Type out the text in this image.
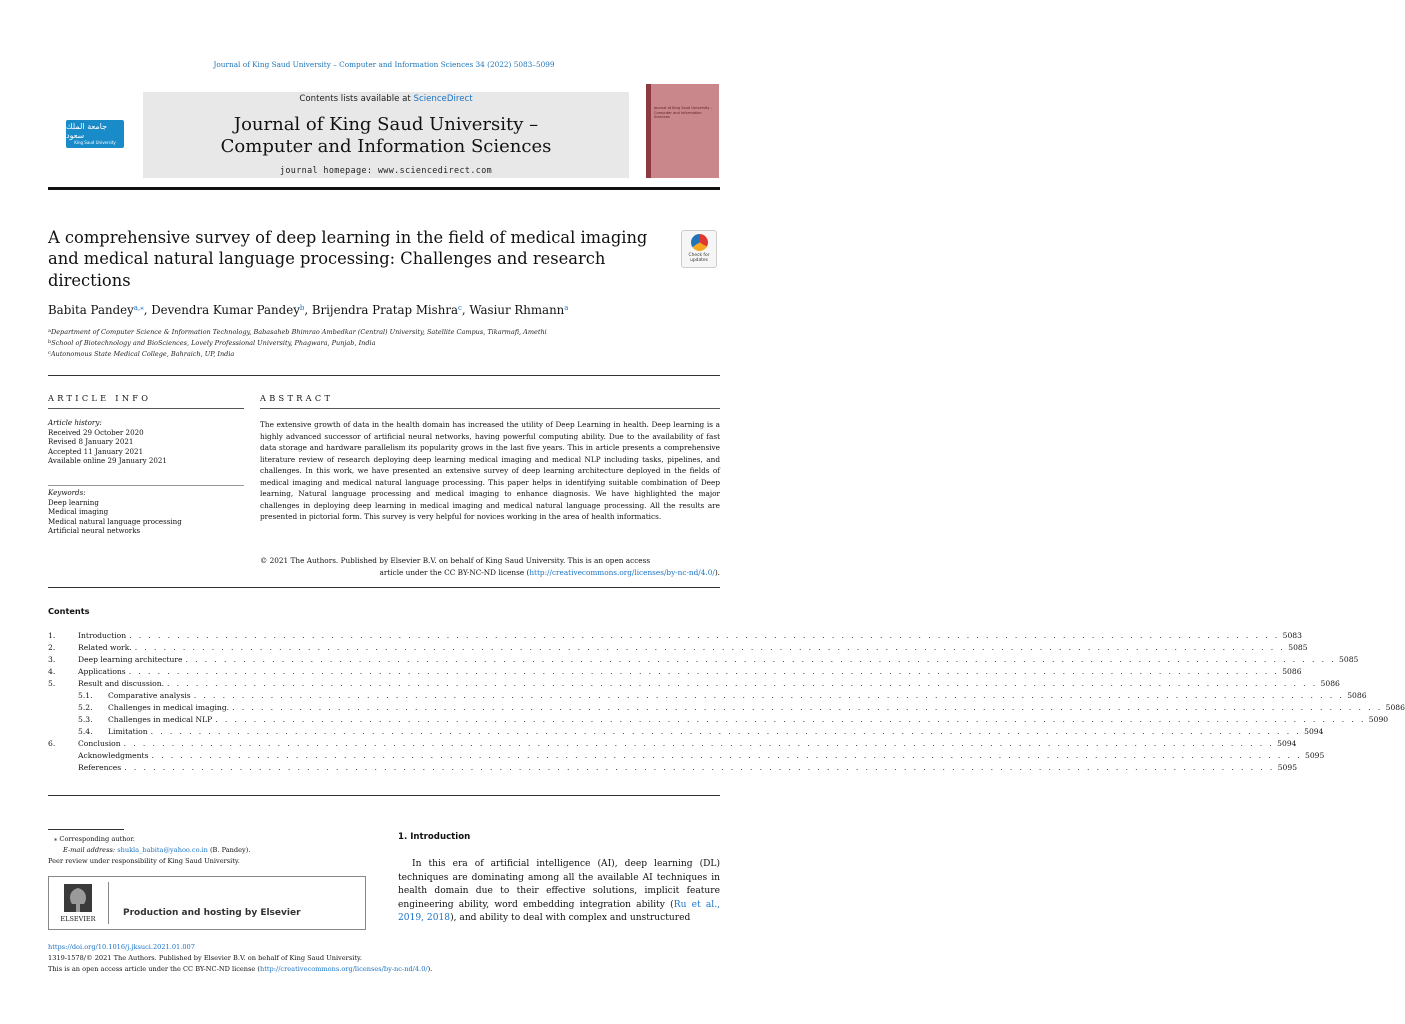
Journal of King Saud University – Computer and Information Sciences 34 (2022) 5083–5099
جامعة الملك سعود
King Saud University
Contents lists available at ScienceDirect
Journal of King Saud University –
Computer and Information Sciences
journal homepage: www.sciencedirect.com
Journal of King Saud University – Computer and Information Sciences
A comprehensive survey of deep learning in the field of medical imaging and medical natural language processing: Challenges and research directions
Check for updates
Babita Pandey$^{a,⁎}$, Devendra Kumar Pandey$^b$, Brijendra Pratap Mishra$^c$, Wasiur Rhmann$^a$
$^a$Department of Computer Science & Information Technology, Babasaheb Bhimrao Ambedkar (Central) University, Satellite Campus, Tikarmafi, Amethi
$^b$School of Biotechnology and BioSciences, Lovely Professional University, Phagwara, Punjab, India
$^c$Autonomous State Medical College, Bahraich, UP, India
ARTICLE INFO
Article history:
Received 29 October 2020
Revised 8 January 2021
Accepted 11 January 2021
Available online 29 January 2021
Keywords:
Deep learning
Medical imaging
Medical natural language processing
Artificial neural networks
ABSTRACT
The extensive growth of data in the health domain has increased the utility of Deep Learning in health. Deep learning is a highly advanced successor of artificial neural networks, having powerful computing ability. Due to the availability of fast data storage and hardware parallelism its popularity grows in the last five years. This in article presents a comprehensive literature review of research deploying deep learning medical imaging and medical NLP including tasks, pipelines, and challenges. In this work, we have presented an extensive survey of deep learning architecture deployed in the fields of medical imaging and medical natural language processing. This paper helps in identifying suitable combination of Deep learning, Natural language processing and medical imaging to enhance diagnosis. We have highlighted the major challenges in deploying deep learning in medical imaging and medical natural language processing. All the results are presented in pictorial form. This survey is very helpful for novices working in the area of health informatics.
© 2021 The Authors. Published by Elsevier B.V. on behalf of King Saud University. This is an open access
article under the CC BY-NC-ND license (http://creativecommons.org/licenses/by-nc-nd/4.0/).
Contents
1.	Introduction . . . . . . . . . . . . . . . . . . . . . . . . . . . . . . . . . . . . . . . . . . . . . . . . . . . . . . . . . . . . . . . . . . . . . . . . . . . . . . . . . . . . . . . . . . . . . . . . . . . . . . . . . . . . . . . . . . . . . . . . 5083
2.	Related work. . . . . . . . . . . . . . . . . . . . . . . . . . . . . . . . . . . . . . . . . . . . . . . . . . . . . . . . . . . . . . . . . . . . . . . . . . . . . . . . . . . . . . . . . . . . . . . . . . . . . . . . . . . . . . . . . . . . . . . . . 5085
3.	Deep learning architecture . . . . . . . . . . . . . . . . . . . . . . . . . . . . . . . . . . . . . . . . . . . . . . . . . . . . . . . . . . . . . . . . . . . . . . . . . . . . . . . . . . . . . . . . . . . . . . . . . . . . . . . . . . . . . . . . . . . . . . . . 5085
4.	Applications . . . . . . . . . . . . . . . . . . . . . . . . . . . . . . . . . . . . . . . . . . . . . . . . . . . . . . . . . . . . . . . . . . . . . . . . . . . . . . . . . . . . . . . . . . . . . . . . . . . . . . . . . . . . . . . . . . . . . . . . 5086
5.	Result and discussion. . . . . . . . . . . . . . . . . . . . . . . . . . . . . . . . . . . . . . . . . . . . . . . . . . . . . . . . . . . . . . . . . . . . . . . . . . . . . . . . . . . . . . . . . . . . . . . . . . . . . . . . . . . . . . . . . . . . . . . . . 5086
5.1.	Comparative analysis . . . . . . . . . . . . . . . . . . . . . . . . . . . . . . . . . . . . . . . . . . . . . . . . . . . . . . . . . . . . . . . . . . . . . . . . . . . . . . . . . . . . . . . . . . . . . . . . . . . . . . . . . . . . . . . . . . . . . . . . 5086
5.2.	Challenges in medical imaging. . . . . . . . . . . . . . . . . . . . . . . . . . . . . . . . . . . . . . . . . . . . . . . . . . . . . . . . . . . . . . . . . . . . . . . . . . . . . . . . . . . . . . . . . . . . . . . . . . . . . . . . . . . . . . . . . . . . . . . . . 5086
5.3.	Challenges in medical NLP . . . . . . . . . . . . . . . . . . . . . . . . . . . . . . . . . . . . . . . . . . . . . . . . . . . . . . . . . . . . . . . . . . . . . . . . . . . . . . . . . . . . . . . . . . . . . . . . . . . . . . . . . . . . . . . . . . . . . . . . 5090
5.4.	Limitation . . . . . . . . . . . . . . . . . . . . . . . . . . . . . . . . . . . . . . . . . . . . . . . . . . . . . . . . . . . . . . . . . . . . . . . . . . . . . . . . . . . . . . . . . . . . . . . . . . . . . . . . . . . . . . . . . . . . . . . . 5094
6.	Conclusion . . . . . . . . . . . . . . . . . . . . . . . . . . . . . . . . . . . . . . . . . . . . . . . . . . . . . . . . . . . . . . . . . . . . . . . . . . . . . . . . . . . . . . . . . . . . . . . . . . . . . . . . . . . . . . . . . . . . . . . . 5094
Acknowledgments . . . . . . . . . . . . . . . . . . . . . . . . . . . . . . . . . . . . . . . . . . . . . . . . . . . . . . . . . . . . . . . . . . . . . . . . . . . . . . . . . . . . . . . . . . . . . . . . . . . . . . . . . . . . . . . . . . . . . . . . 5095
References . . . . . . . . . . . . . . . . . . . . . . . . . . . . . . . . . . . . . . . . . . . . . . . . . . . . . . . . . . . . . . . . . . . . . . . . . . . . . . . . . . . . . . . . . . . . . . . . . . . . . . . . . . . . . . . . . . . . . . . . 5095
⁎ Corresponding author.
E-mail address: shukla_babita@yahoo.co.in (B. Pandey).
Peer review under responsibility of King Saud University.
ELSEVIER
Production and hosting by Elsevier
https://doi.org/10.1016/j.jksuci.2021.01.007
1319-1578/© 2021 The Authors. Published by Elsevier B.V. on behalf of King Saud University.
This is an open access article under the CC BY-NC-ND license (http://creativecommons.org/licenses/by-nc-nd/4.0/).
1. Introduction
In this era of artificial intelligence (AI), deep learning (DL) techniques are dominating among all the available AI techniques in health domain due to their effective solutions, implicit feature engineering ability, word embedding integration ability (Ru et al., 2019, 2018), and ability to deal with complex and unstructured
